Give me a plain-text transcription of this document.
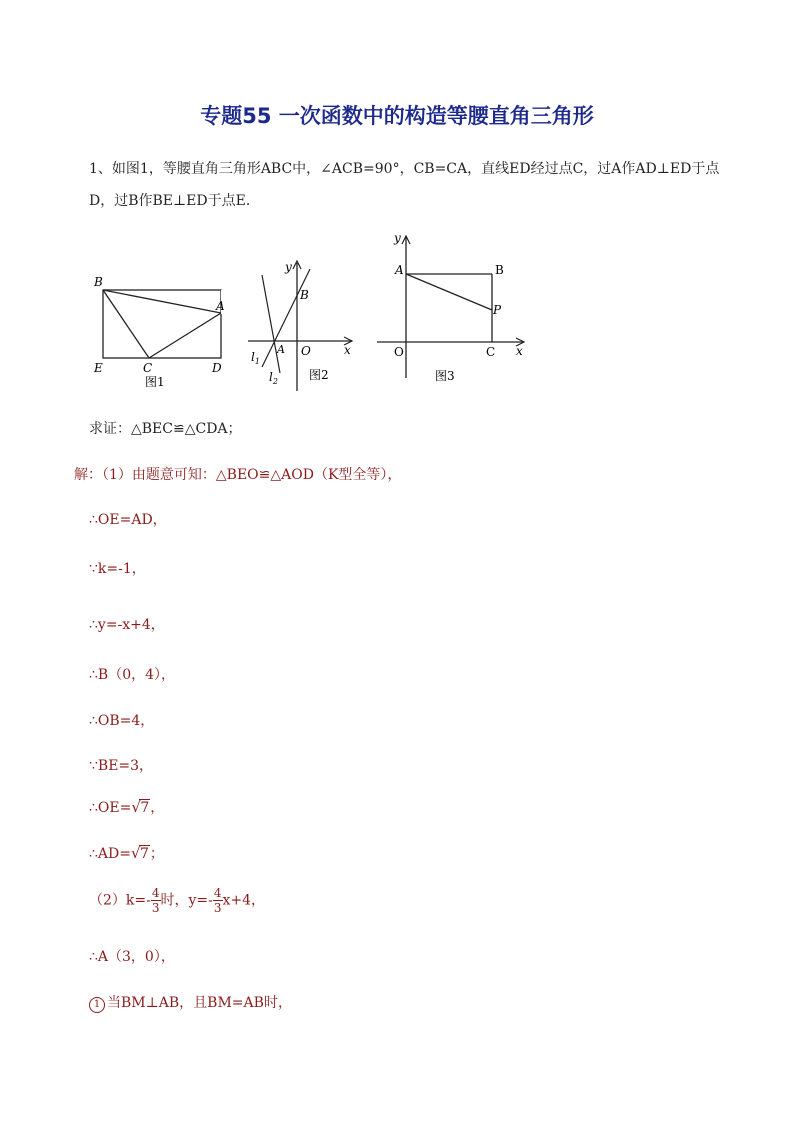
专题55 一次函数中的构造等腰直角三角形
1、如图1，等腰直角三角形ABC中，∠ACB=90°，CB=CA，直线ED经过点C，过A作AD⊥ED于点
D，过B作BE⊥ED于点E．
B
A
E	C	D
图1
y
x
B
A O
$l_1$
$l_2$	图2
y
x
A	B
P
O	C
图3
求证：△BEC≌△CDA；
解：（1）由题意可知：△BEO≌△AOD（K型全等），
∴OE=AD，
∵k=-1，
∴y=-x+4，
∴B（0，4），
∴OB=4，
∵BE=3，
∴OE= √ 7，
∴AD= √ 7；
$(2)k=- \frac{4}{3}$ 时，$y=- \frac{4}{3} x+4$，
∴A（3，0），
1 当BM⊥AB，且BM=AB时，
